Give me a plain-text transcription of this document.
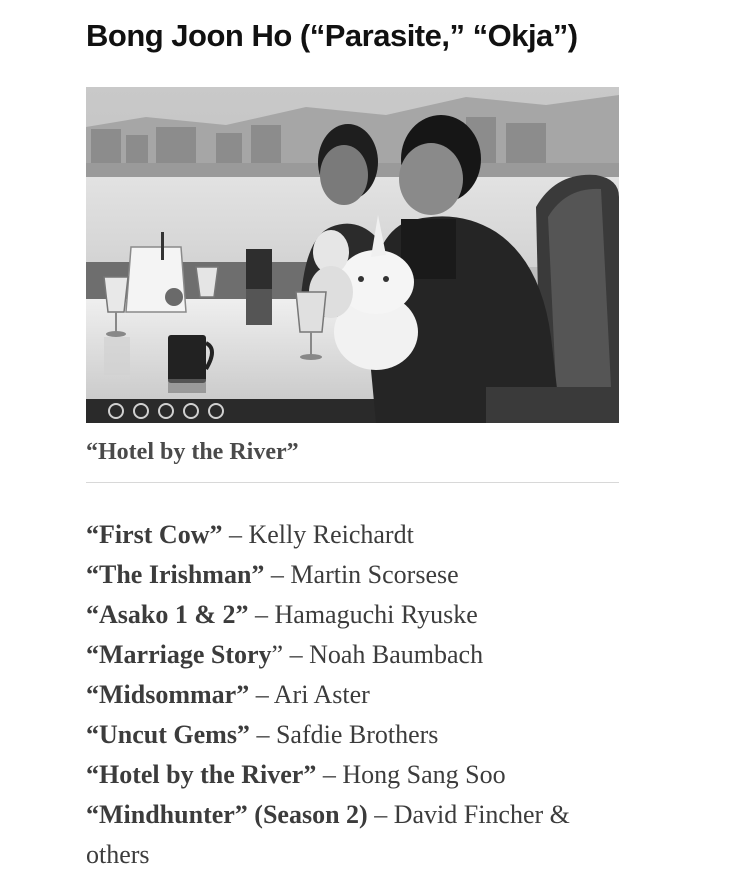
Bong Joon Ho (“Parasite,” “Okja”)
“Hotel by the River”
“First Cow” – Kelly Reichardt
“The Irishman” – Martin Scorsese
“Asako 1 & 2” – Hamaguchi Ryuske
“Marriage Story” – Noah Baumbach
“Midsommar” – Ari Aster
“Uncut Gems” – Safdie Brothers
“Hotel by the River” – Hong Sang Soo
“Mindhunter” (Season 2) – David Fincher & others
